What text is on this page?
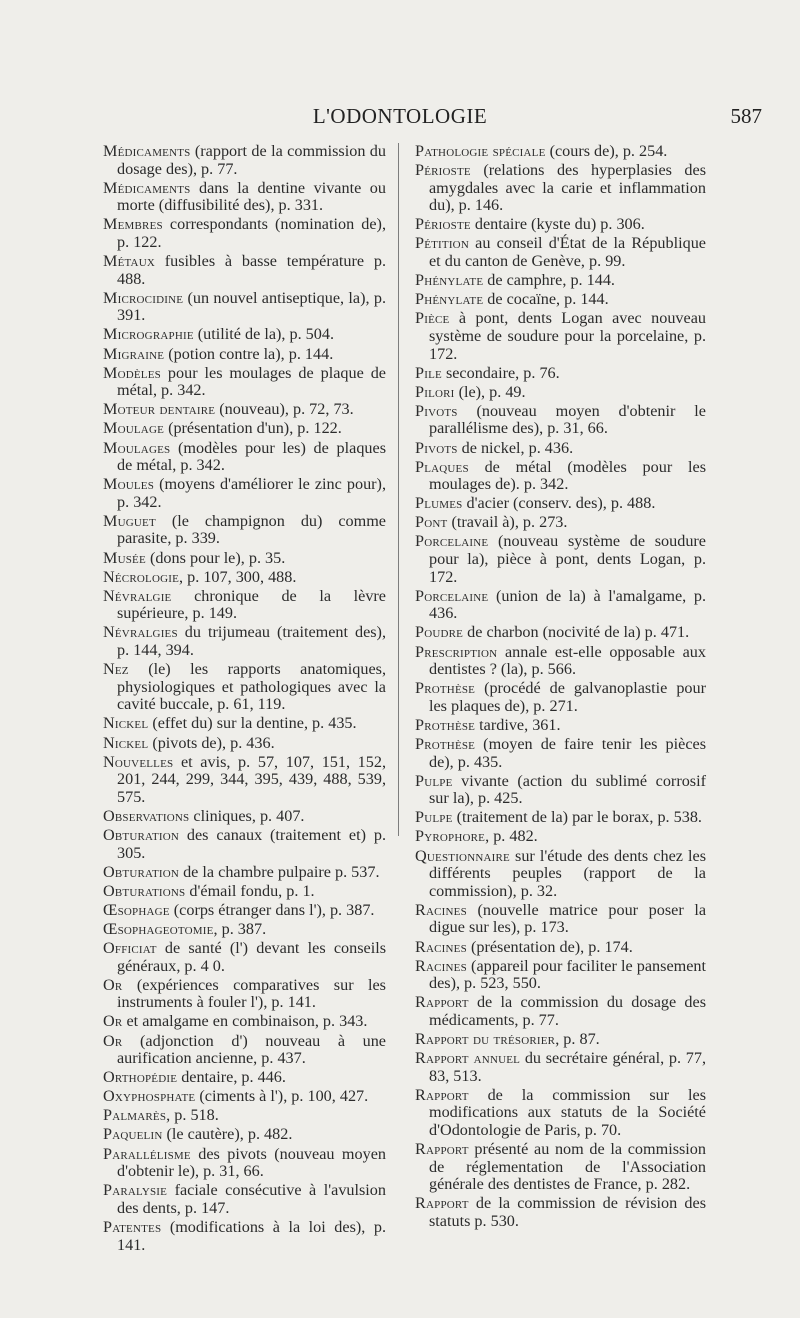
L'ODONTOLOGIE	587

Médicaments (rapport de la commission du dosage des), p. 77.

Médicaments dans la dentine vivante ou morte (diffusibilité des), p. 331.

Membres correspondants (nomination de), p. 122.

Métaux fusibles à basse température p. 488.

Microcidine (un nouvel antiseptique, la), p. 391.

Micrographie (utilité de la), p. 504.

Migraine (potion contre la), p. 144.

Modèles pour les moulages de plaque de métal, p. 342.

Moteur dentaire (nouveau), p. 72, 73.

Moulage (présentation d'un), p. 122.

Moulages (modèles pour les) de plaques de métal, p. 342.

Moules (moyens d'améliorer le zinc pour), p. 342.

Muguet (le champignon du) comme parasite, p. 339.

Musée (dons pour le), p. 35.

Nécrologie, p. 107, 300, 488.

Névralgie chronique de la lèvre supérieure, p. 149.

Névralgies du trijumeau (traitement des), p. 144, 394.

Nez (le) les rapports anatomiques, physiologiques et pathologiques avec la cavité buccale, p. 61, 119.

Nickel (effet du) sur la dentine, p. 435.

Nickel (pivots de), p. 436.

Nouvelles et avis, p. 57, 107, 151, 152, 201, 244, 299, 344, 395, 439, 488, 539, 575.

Observations cliniques, p. 407.

Obturation des canaux (traitement et) p. 305.

Obturation de la chambre pulpaire p. 537.

Obturations d'émail fondu, p. 1.

Œsophage (corps étranger dans l'), p. 387.

Œsophageotomie, p. 387.

Officiat de santé (l') devant les conseils généraux, p. 4 0.

Or (expériences comparatives sur les instruments à fouler l'), p. 141.

Or et amalgame en combinaison, p. 343.

Or (adjonction d') nouveau à une aurification ancienne, p. 437.

Orthopédie dentaire, p. 446.

Oxyphosphate (ciments à l'), p. 100, 427.

Palmarès, p. 518.

Paquelin (le cautère), p. 482.

Parallélisme des pivots (nouveau moyen d'obtenir le), p. 31, 66.

Paralysie faciale consécutive à l'avulsion des dents, p. 147.

Patentes (modifications à la loi des), p. 141.

Pathologie spéciale (cours de), p. 254.

Périoste (relations des hyperplasies des amygdales avec la carie et inflammation du), p. 146.

Périoste dentaire (kyste du) p. 306.

Pétition au conseil d'État de la République et du canton de Genève, p. 99.

Phénylate de camphre, p. 144.

Phénylate de cocaïne, p. 144.

Pièce à pont, dents Logan avec nouveau système de soudure pour la porcelaine, p. 172.

Pile secondaire, p. 76.

Pilori (le), p. 49.

Pivots (nouveau moyen d'obtenir le parallélisme des), p. 31, 66.

Pivots de nickel, p. 436.

Plaques de métal (modèles pour les moulages de). p. 342.

Plumes d'acier (conserv. des), p. 488.

Pont (travail à), p. 273.

Porcelaine (nouveau système de soudure pour la), pièce à pont, dents Logan, p. 172.

Porcelaine (union de la) à l'amalgame, p. 436.

Poudre de charbon (nocivité de la) p. 471.

Prescription annale est-elle opposable aux dentistes ? (la), p. 566.

Prothèse (procédé de galvanoplastie pour les plaques de), p. 271.

Prothèse tardive, 361.

Prothèse (moyen de faire tenir les pièces de), p. 435.

Pulpe vivante (action du sublimé corrosif sur la), p. 425.

Pulpe (traitement de la) par le borax, p. 538.

Pyrophore, p. 482.

Questionnaire sur l'étude des dents chez les différents peuples (rapport de la commission), p. 32.

Racines (nouvelle matrice pour poser la digue sur les), p. 173.

Racines (présentation de), p. 174.

Racines (appareil pour faciliter le pansement des), p. 523, 550.

Rapport de la commission du dosage des médicaments, p. 77.

Rapport du trésorier, p. 87.

Rapport annuel du secrétaire général, p. 77, 83, 513.

Rapport de la commission sur les modifications aux statuts de la Société d'Odontologie de Paris, p. 70.

Rapport présenté au nom de la commission de réglementation de l'Association générale des dentistes de France, p. 282.

Rapport de la commission de révision des statuts p. 530.
